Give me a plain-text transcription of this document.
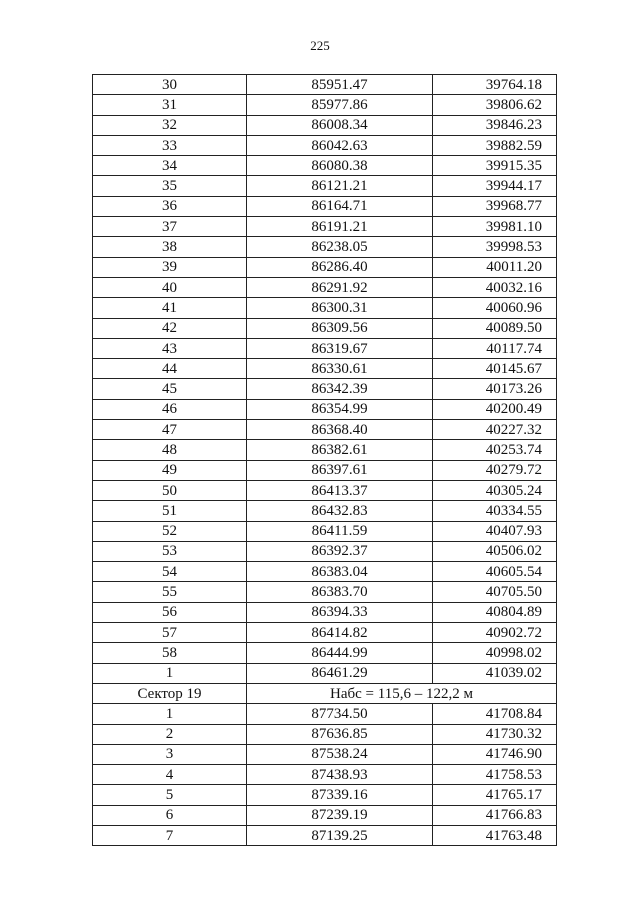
225
30	85951.47	39764.18
31	85977.86	39806.62
32	86008.34	39846.23
33	86042.63	39882.59
34	86080.38	39915.35
35	86121.21	39944.17
36	86164.71	39968.77
37	86191.21	39981.10
38	86238.05	39998.53
39	86286.40	40011.20
40	86291.92	40032.16
41	86300.31	40060.96
42	86309.56	40089.50
43	86319.67	40117.74
44	86330.61	40145.67
45	86342.39	40173.26
46	86354.99	40200.49
47	86368.40	40227.32
48	86382.61	40253.74
49	86397.61	40279.72
50	86413.37	40305.24
51	86432.83	40334.55
52	86411.59	40407.93
53	86392.37	40506.02
54	86383.04	40605.54
55	86383.70	40705.50
56	86394.33	40804.89
57	86414.82	40902.72
58	86444.99	40998.02
1	86461.29	41039.02
Сектор 19	Набс = 115,6 – 122,2 м	
1	87734.50	41708.84
2	87636.85	41730.32
3	87538.24	41746.90
4	87438.93	41758.53
5	87339.16	41765.17
6	87239.19	41766.83
7	87139.25	41763.48
